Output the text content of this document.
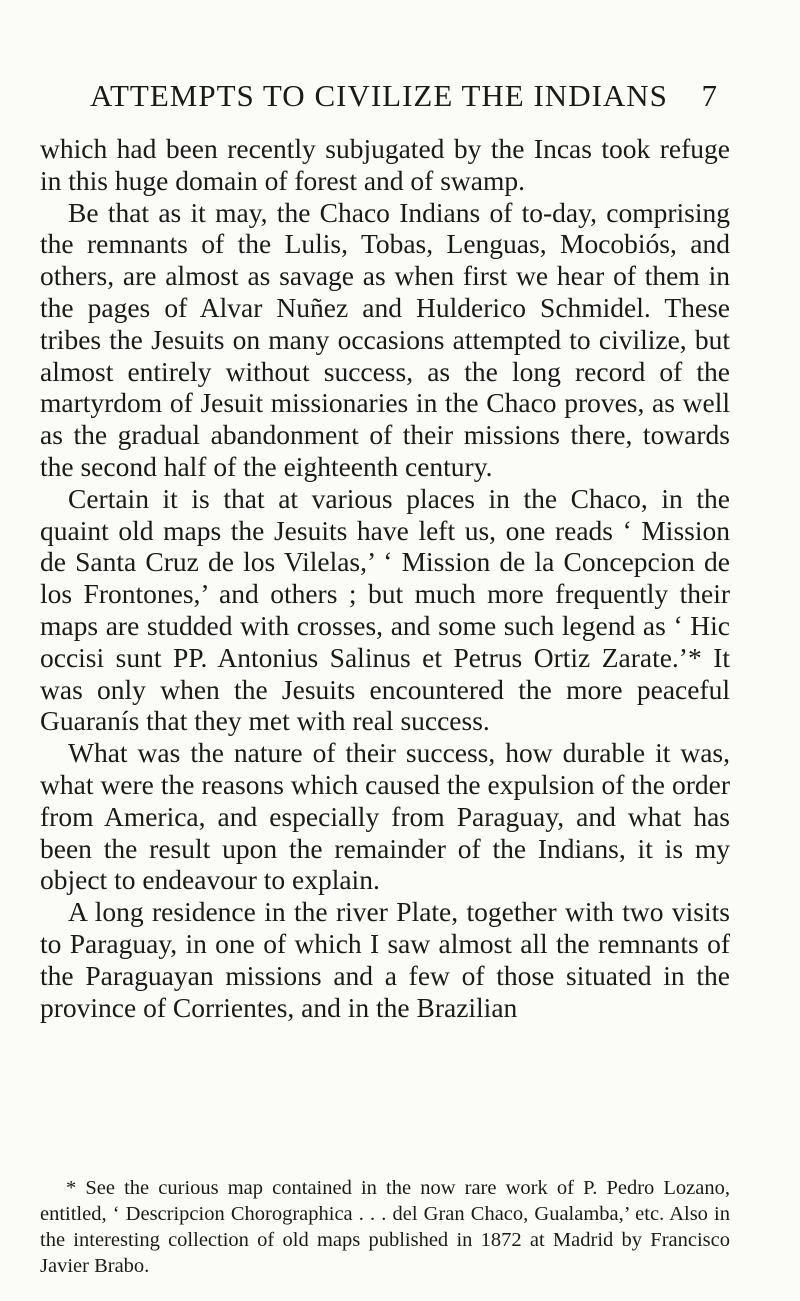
ATTEMPTS TO CIVILIZE THE INDIANS 7

which had been recently subjugated by the Incas took refuge in this huge domain of forest and of swamp.

Be that as it may, the Chaco Indians of to-day, comprising the remnants of the Lulis, Tobas, Lenguas, Mocobiós, and others, are almost as savage as when first we hear of them in the pages of Alvar Nuñez and Hulderico Schmidel. These tribes the Jesuits on many occasions attempted to civilize, but almost entirely without success, as the long record of the martyrdom of Jesuit missionaries in the Chaco proves, as well as the gradual abandonment of their missions there, towards the second half of the eighteenth century.

Certain it is that at various places in the Chaco, in the quaint old maps the Jesuits have left us, one reads ‘ Mission de Santa Cruz de los Vilelas,’ ‘ Mission de la Concepcion de los Frontones,’ and others ; but much more frequently their maps are studded with crosses, and some such legend as ‘ Hic occisi sunt PP. Antonius Salinus et Petrus Ortiz Zarate.’* It was only when the Jesuits encountered the more peaceful Guaranís that they met with real success.

What was the nature of their success, how durable it was, what were the reasons which caused the expulsion of the order from America, and especially from Paraguay, and what has been the result upon the remainder of the Indians, it is my object to endeavour to explain.

A long residence in the river Plate, together with two visits to Paraguay, in one of which I saw almost all the remnants of the Paraguayan missions and a few of those situated in the province of Corrientes, and in the Brazilian

* See the curious map contained in the now rare work of P. Pedro Lozano, entitled, ‘ Descripcion Chorographica . . . del Gran Chaco, Gualamba,’ etc. Also in the interesting collection of old maps published in 1872 at Madrid by Francisco Javier Brabo.
